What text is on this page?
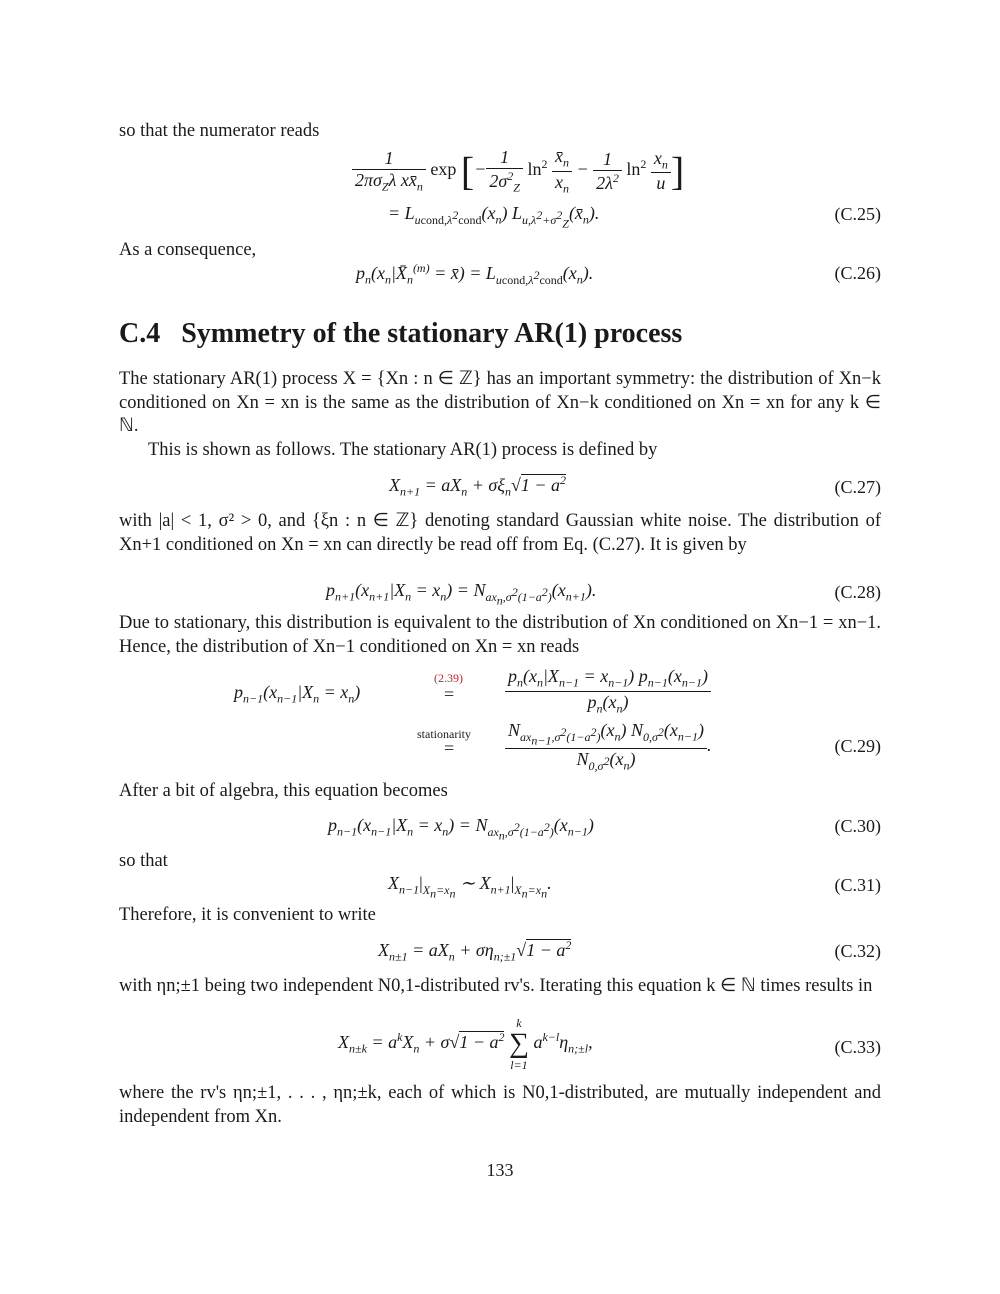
so that the numerator reads
$\frac{1}{2\pi\sigma_Z\lambda xx̄_n}$ exp [− $\frac{1}{2\sigma^2_Z} \ln^2 \frac{x̄_n}{x_n} - \frac{1}{2\lambda^2} \ln^2 \frac{x_n}{u}$ ]
= $L_{ucond,\lambda^2cond}(x_n)$ $L_{u,\lambda^2+\sigma^2_Z}(x̄_n)$.	(C.25)
As a consequence,
$p_n(x_n|X̄_n^{(m)}$ = x̄) = $L_{ucond,\lambda^2cond}(x_n)$.	(C.26)
C.4 Symmetry of the stationary AR(1) process
The stationary AR(1) process X = {Xn : n ∈ ℤ} has an important symmetry: the distribution of Xn−k conditioned on Xn = xn is the same as the distribution of Xn−k conditioned on Xn = xn for any k ∈ ℕ.
This is shown as follows. The stationary AR(1) process is defined by
$X_{n+1} = aX_n + \sigma\xi_n√1 - a^2$	(C.27)
with |a| < 1, σ² > 0, and {ξn : n ∈ ℤ} denoting standard Gaussian white noise. The distribution of Xn+1 conditioned on Xn = xn can directly be read off from Eq. (C.27). It is given by
$p_{n+1}(x_{n+1}|X_n = x_n) = N_{ax_n,\sigma^2(1-a^2)}(x_{n+1})$.	(C.28)
Due to stationary, this distribution is equivalent to the distribution of Xn conditioned on Xn−1 = xn−1. Hence, the distribution of Xn−1 conditioned on Xn = xn reads
$p_{n-1}(x_{n-1}|X_n = x_n)$
(2.39)
=	$\frac{p_n(x_n|X_{n-1} = x_{n-1}) p_{n-1}(x_{n-1})}{p_n(x_n)}$
stationarity
=	$\frac{N_{ax_{n-1},\sigma^2(1-a^2)}(x_n) N_{0,\sigma^2}(x_{n-1})}{N_{0,\sigma^2}(x_n)}$ .	(C.29)
After a bit of algebra, this equation becomes
$p_{n-1}(x_{n-1}|X_n = x_n) = N_{ax_n,\sigma^2(1-a^2)}(x_{n-1})$	(C.30)
so that
$X_{n-1}|_{X_n=x_n}$ ∼ $X_{n+1}|_{X_n=x_n}$.	(C.31)
Therefore, it is convenient to write
$X_{n\pm 1} = aX_n + \sigma\eta_{n;\pm 1}√1 - a^2$	(C.32)
with ηn;±1 being two independent N0,1-distributed rv's. Iterating this equation k ∈ ℕ times results in
$X_{n\pm k} = a^kX_n + \sigma√1 - a^2$
k
∑
l=1
$a^{k-l}\eta_{n;\pm l}$,	(C.33)
where the rv's ηn;±1, . . . , ηn;±k, each of which is N0,1-distributed, are mutually independent and independent from Xn.
133
